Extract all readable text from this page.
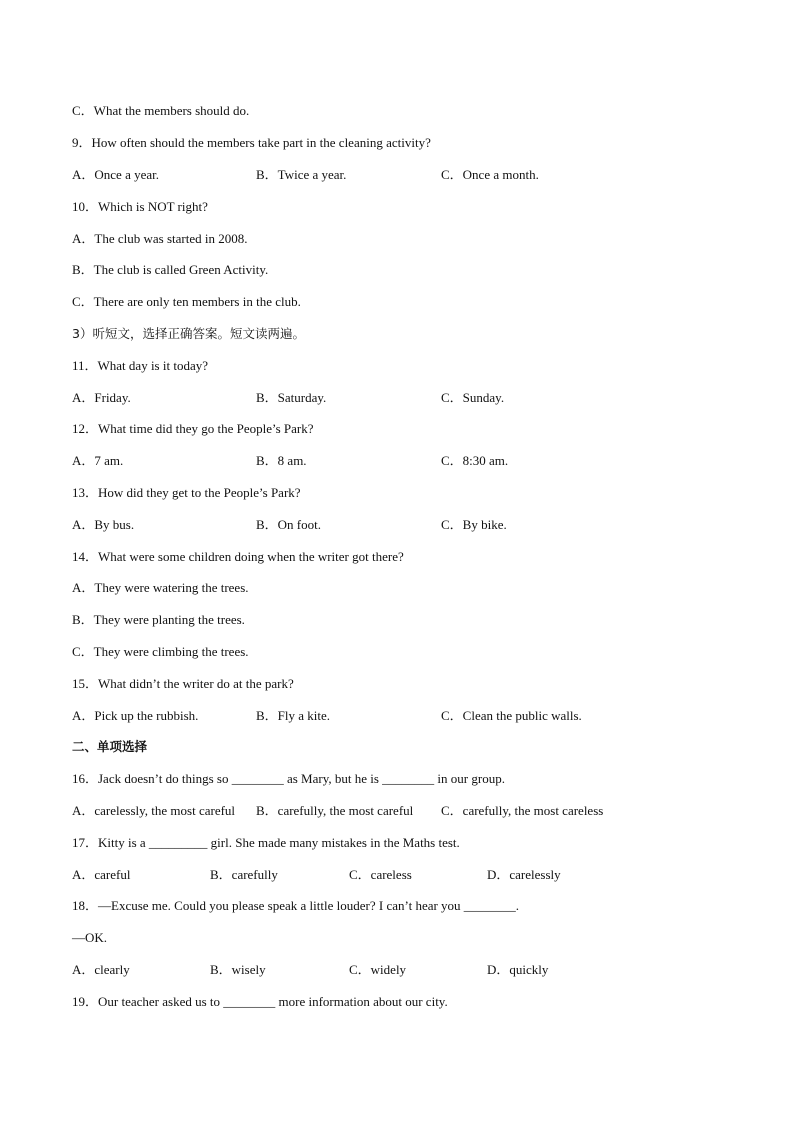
C．What the members should do.
9．How often should the members take part in the cleaning activity?
A．Once a year.	B．Twice a year.	C．Once a month.
10．Which is NOT right?
A．The club was started in 2008.
B．The club is called Green Activity.
C．There are only ten members in the club.
3）听短文，选择正确答案。短文读两遍。
11．What day is it today?
A．Friday.	B．Saturday.	C．Sunday.
12．What time did they go the People’s Park?
A．7 am.	B．8 am.	C．8:30 am.
13．How did they get to the People’s Park?
A．By bus.	B．On foot.	C．By bike.
14．What were some children doing when the writer got there?
A．They were watering the trees.
B．They were planting the trees.
C．They were climbing the trees.
15．What didn’t the writer do at the park?
A．Pick up the rubbish.	B．Fly a kite.	C．Clean the public walls.
二、单项选择
16．Jack doesn’t do things so ________ as Mary, but he is ________ in our group.
A．carelessly, the most careful B．carefully, the most careful C．carefully, the most careless
17．Kitty is a _________ girl. She made many mistakes in the Maths test.
A．careful	B．carefully	C．careless	D．carelessly
18．—Excuse me. Could you please speak a little louder? I can’t hear you ________.
—OK.
A．clearly	B．wisely	C．widely	D．quickly
19．Our teacher asked us to ________ more information about our city.
